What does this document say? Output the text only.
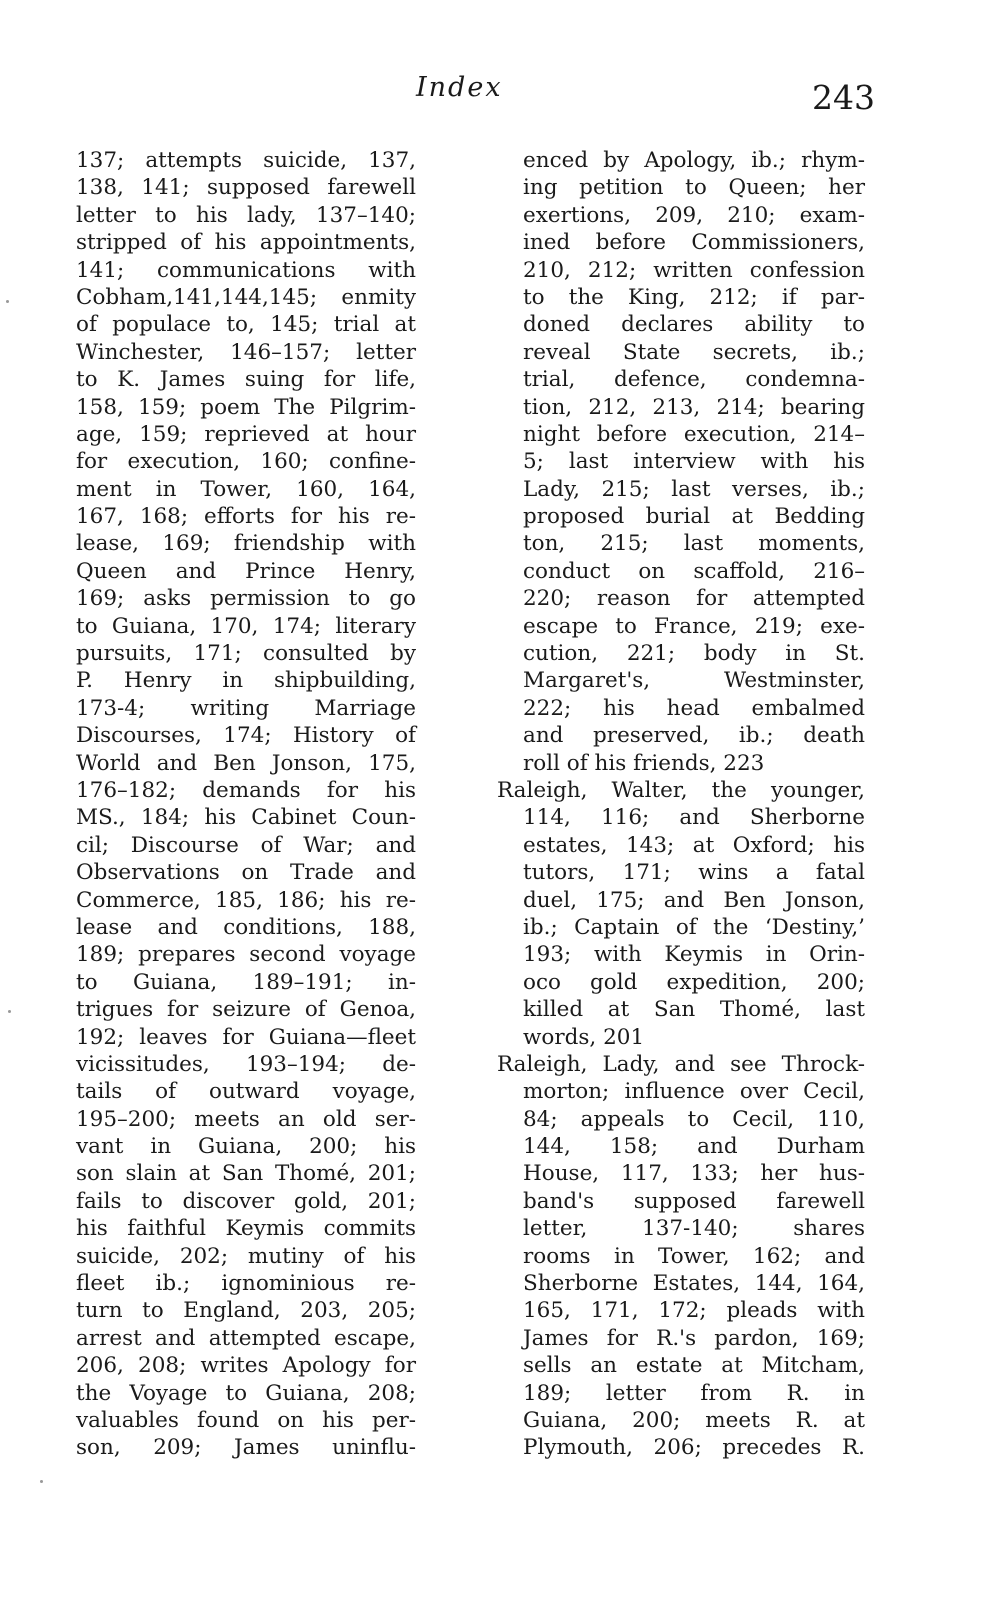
Index	243
137; attempts suicide, 137,
138, 141; supposed farewell
letter to his lady, 137–140;
stripped of his appointments,
141; communications with
Cobham,141,144,145; enmity
of populace to, 145; trial at
Winchester, 146–157; letter
to K. James suing for life,
158, 159; poem The Pilgrim-
age, 159; reprieved at hour
for execution, 160; confine-
ment in Tower, 160, 164,
167, 168; efforts for his re-
lease, 169; friendship with
Queen and Prince Henry,
169; asks permission to go
to Guiana, 170, 174; literary
pursuits, 171; consulted by
P. Henry in shipbuilding,
173-4; writing Marriage
Discourses, 174; History of
World and Ben Jonson, 175,
176–182; demands for his
MS., 184; his Cabinet Coun-
cil; Discourse of War; and
Observations on Trade and
Commerce, 185, 186; his re-
lease and conditions, 188,
189; prepares second voyage
to Guiana, 189–191; in-
trigues for seizure of Genoa,
192; leaves for Guiana—fleet
vicissitudes, 193–194; de-
tails of outward voyage,
195–200; meets an old ser-
vant in Guiana, 200; his
son slain at San Thomé, 201;
fails to discover gold, 201;
his faithful Keymis commits
suicide, 202; mutiny of his
fleet ib.; ignominious re-
turn to England, 203, 205;
arrest and attempted escape,
206, 208; writes Apology for
the Voyage to Guiana, 208;
valuables found on his per-
son, 209; James uninflu-
enced by Apology, ib.; rhym-
ing petition to Queen; her
exertions, 209, 210; exam-
ined before Commissioners,
210, 212; written confession
to the King, 212; if par-
doned declares ability to
reveal State secrets, ib.;
trial, defence, condemna-
tion, 212, 213, 214; bearing
night before execution, 214–
5; last interview with his
Lady, 215; last verses, ib.;
proposed burial at Bedding
ton, 215; last moments,
conduct on scaffold, 216–
220; reason for attempted
escape to France, 219; exe-
cution, 221; body in St.
Margaret's, Westminster,
222; his head embalmed
and preserved, ib.; death
roll of his friends, 223
Raleigh, Walter, the younger,
114, 116; and Sherborne
estates, 143; at Oxford; his
tutors, 171; wins a fatal
duel, 175; and Ben Jonson,
ib.; Captain of the ‘Destiny,’
193; with Keymis in Orin-
oco gold expedition, 200;
killed at San Thomé, last
words, 201
Raleigh, Lady, and see Throck-
morton; influence over Cecil,
84; appeals to Cecil, 110,
144, 158; and Durham
House, 117, 133; her hus-
band's supposed farewell
letter, 137-140; shares
rooms in Tower, 162; and
Sherborne Estates, 144, 164,
165, 171, 172; pleads with
James for R.'s pardon, 169;
sells an estate at Mitcham,
189; letter from R. in
Guiana, 200; meets R. at
Plymouth, 206; precedes R.
